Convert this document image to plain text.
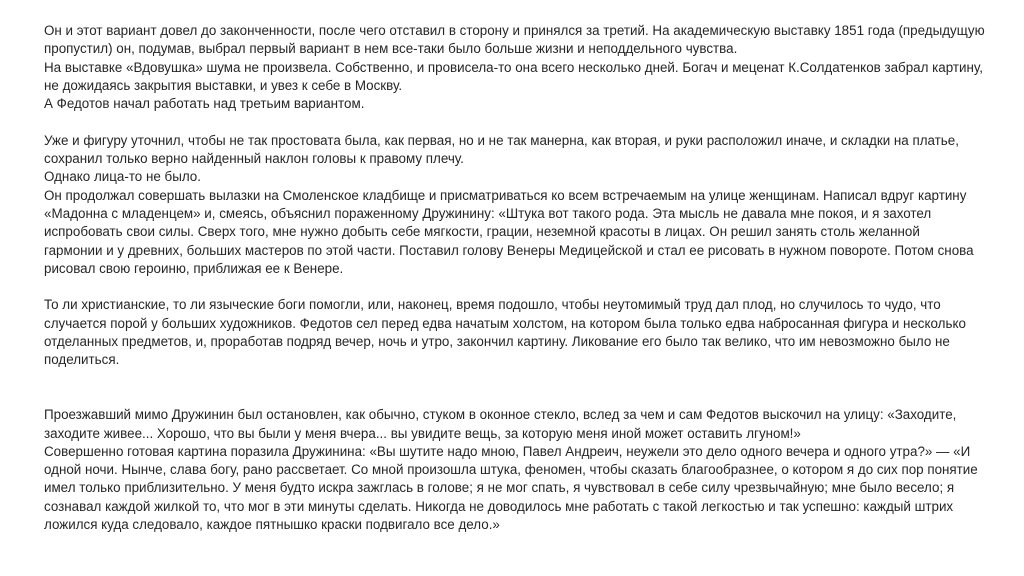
Он и этот вариант довел до законченности, после чего отставил в сторону и принялся за третий. На академическую выставку 1851 года (предыдущую

пропустил) он, подумав, выбрал первый вариант в нем все-таки было больше жизни и неподдельного чувства.

На выставке «Вдовушка» шума не произвела. Собственно, и провисела-то она всего несколько дней. Богач и меценат К.Солдатенков забрал картину,

не дожидаясь закрытия выставки, и увез к себе в Москву.

А Федотов начал работать над третьим вариантом.

Уже и фигуру уточнил, чтобы не так простовата была, как первая, но и не так манерна, как вторая, и руки расположил иначе, и складки на платье,

сохранил только верно найденный наклон головы к правому плечу.

Однако лица-то не было.

Он продолжал совершать вылазки на Смоленское кладбище и присматриваться ко всем встречаемым на улице женщинам. Написал вдруг картину

«Мадонна с младенцем» и, смеясь, объяснил пораженному Дружинину: «Штука вот такого рода. Эта мысль не давала мне покоя, и я захотел

испробовать свои силы. Сверх того, мне нужно добыть себе мягкости, грации, неземной красоты в лицах. Он решил занять столь желанной

гармонии и у древних, больших мастеров по этой части. Поставил голову Венеры Медицейской и стал ее рисовать в нужном повороте. Потом снова

рисовал свою героиню, приближая ее к Венере.

То ли христианские, то ли языческие боги помогли, или, наконец, время подошло, чтобы неутомимый труд дал плод, но случилось то чудо, что

случается порой у больших художников. Федотов сел перед едва начатым холстом, на котором была только едва набросанная фигура и несколько

отделанных предметов, и, проработав подряд вечер, ночь и утро, закончил картину. Ликование его было так велико, что им невозможно было не

поделиться.

Проезжавший мимо Дружинин был остановлен, как обычно, стуком в оконное стекло, вслед за чем и сам Федотов выскочил на улицу: «Заходите,

заходите живее... Хорошо, что вы были у меня вчера... вы увидите вещь, за которую меня иной может оставить лгуном!»

Совершенно готовая картина поразила Дружинина: «Вы шутите надо мною, Павел Андреич, неужели это дело одного вечера и одного утра?» — «И

одной ночи. Нынче, слава богу, рано рассветает. Со мной произошла штука, феномен, чтобы сказать благообразнее, о котором я до сих пор понятие

имел только приблизительно. У меня будто искра зажглась в голове; я не мог спать, я чувствовал в себе силу чрезвычайную; мне было весело; я

сознавал каждой жилкой то, что мог в эти минуты сделать. Никогда не доводилось мне работать с такой легкостью и так успешно: каждый штрих

ложился куда следовало, каждое пятнышко краски подвигало все дело.»
